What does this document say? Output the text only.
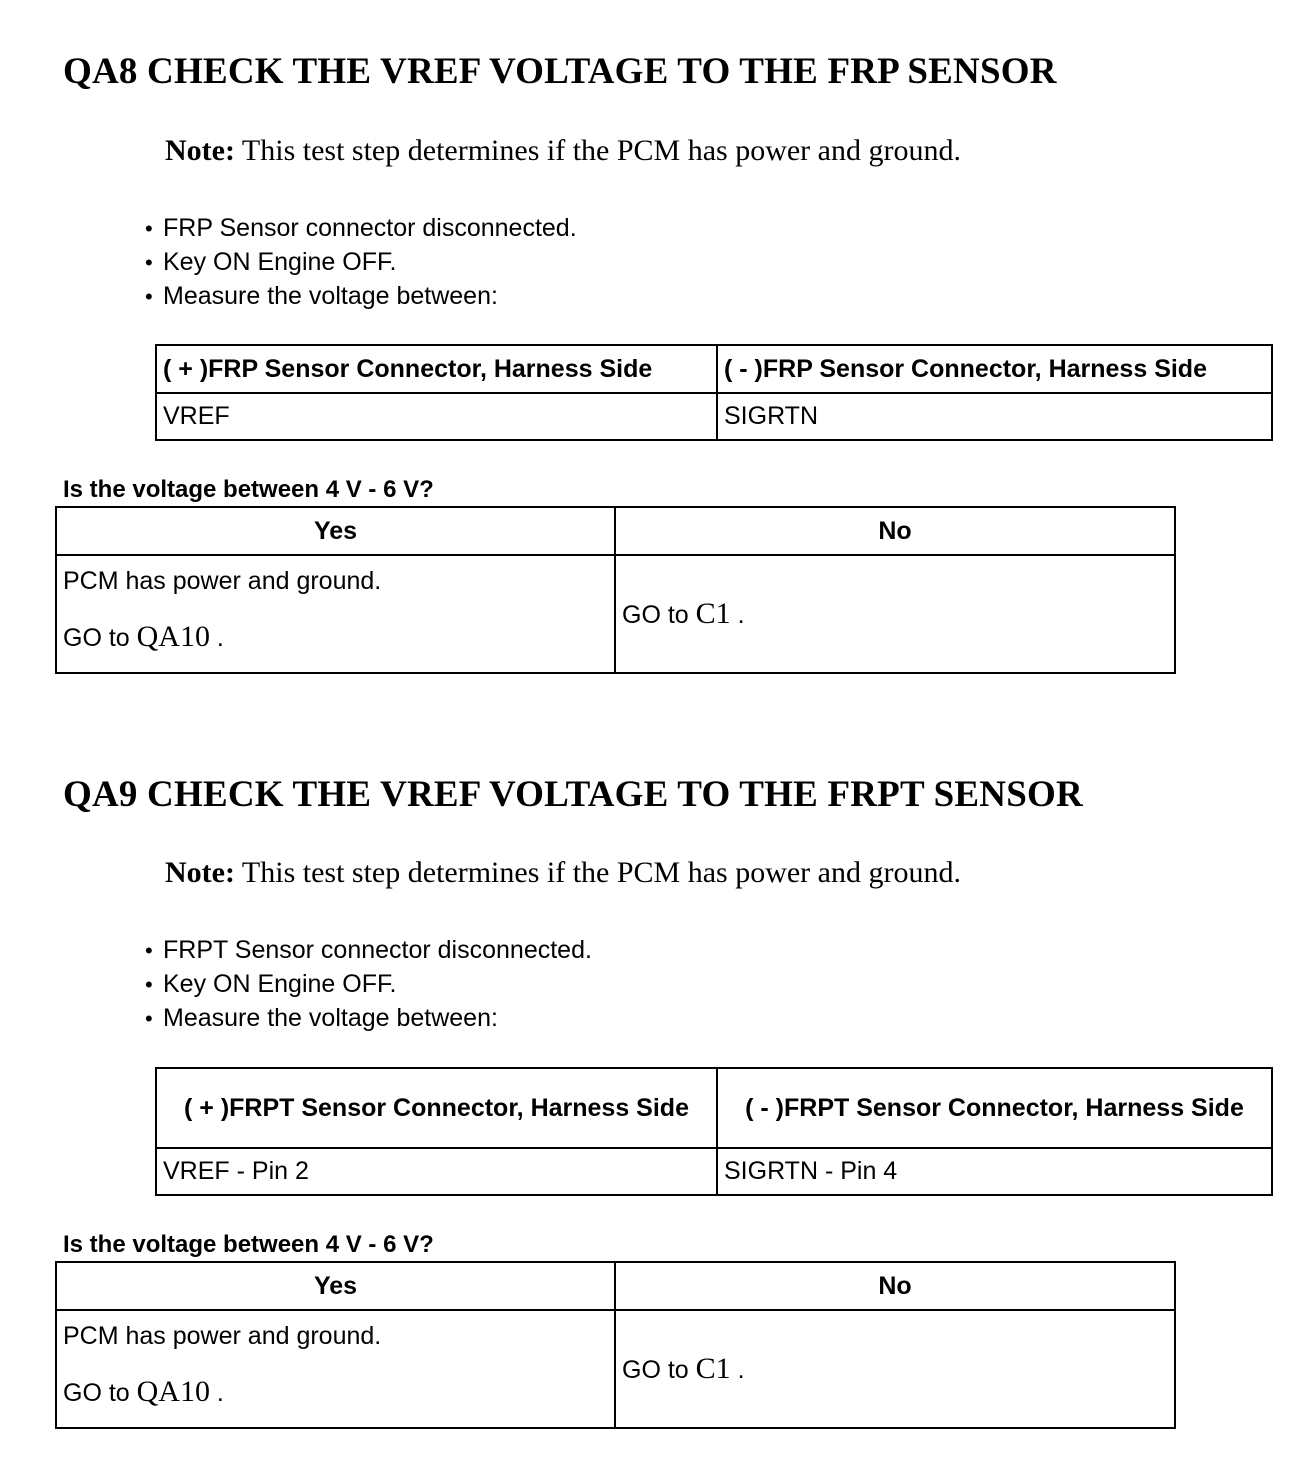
QA8 CHECK THE VREF VOLTAGE TO THE FRP SENSOR

Note: This test step determines if the PCM has power and ground.

• FRP Sensor connector disconnected.
• Key ON Engine OFF.
• Measure the voltage between:
( + )FRP Sensor Connector, Harness Side	( - )FRP Sensor Connector, Harness Side
VREF	SIGRTN

Is the voltage between 4 V - 6 V?

Yes	No

PCM has power and ground.
GO to QA10 .	GO to C1 .
QA9 CHECK THE VREF VOLTAGE TO THE FRPT SENSOR

Note: This test step determines if the PCM has power and ground.

• FRPT Sensor connector disconnected.
• Key ON Engine OFF.
• Measure the voltage between:
( + )FRPT Sensor Connector, Harness Side	( - )FRPT Sensor Connector, Harness Side
VREF - Pin 2	SIGRTN - Pin 4

Is the voltage between 4 V - 6 V?

Yes	No

PCM has power and ground.
GO to QA10 .	GO to C1 .
